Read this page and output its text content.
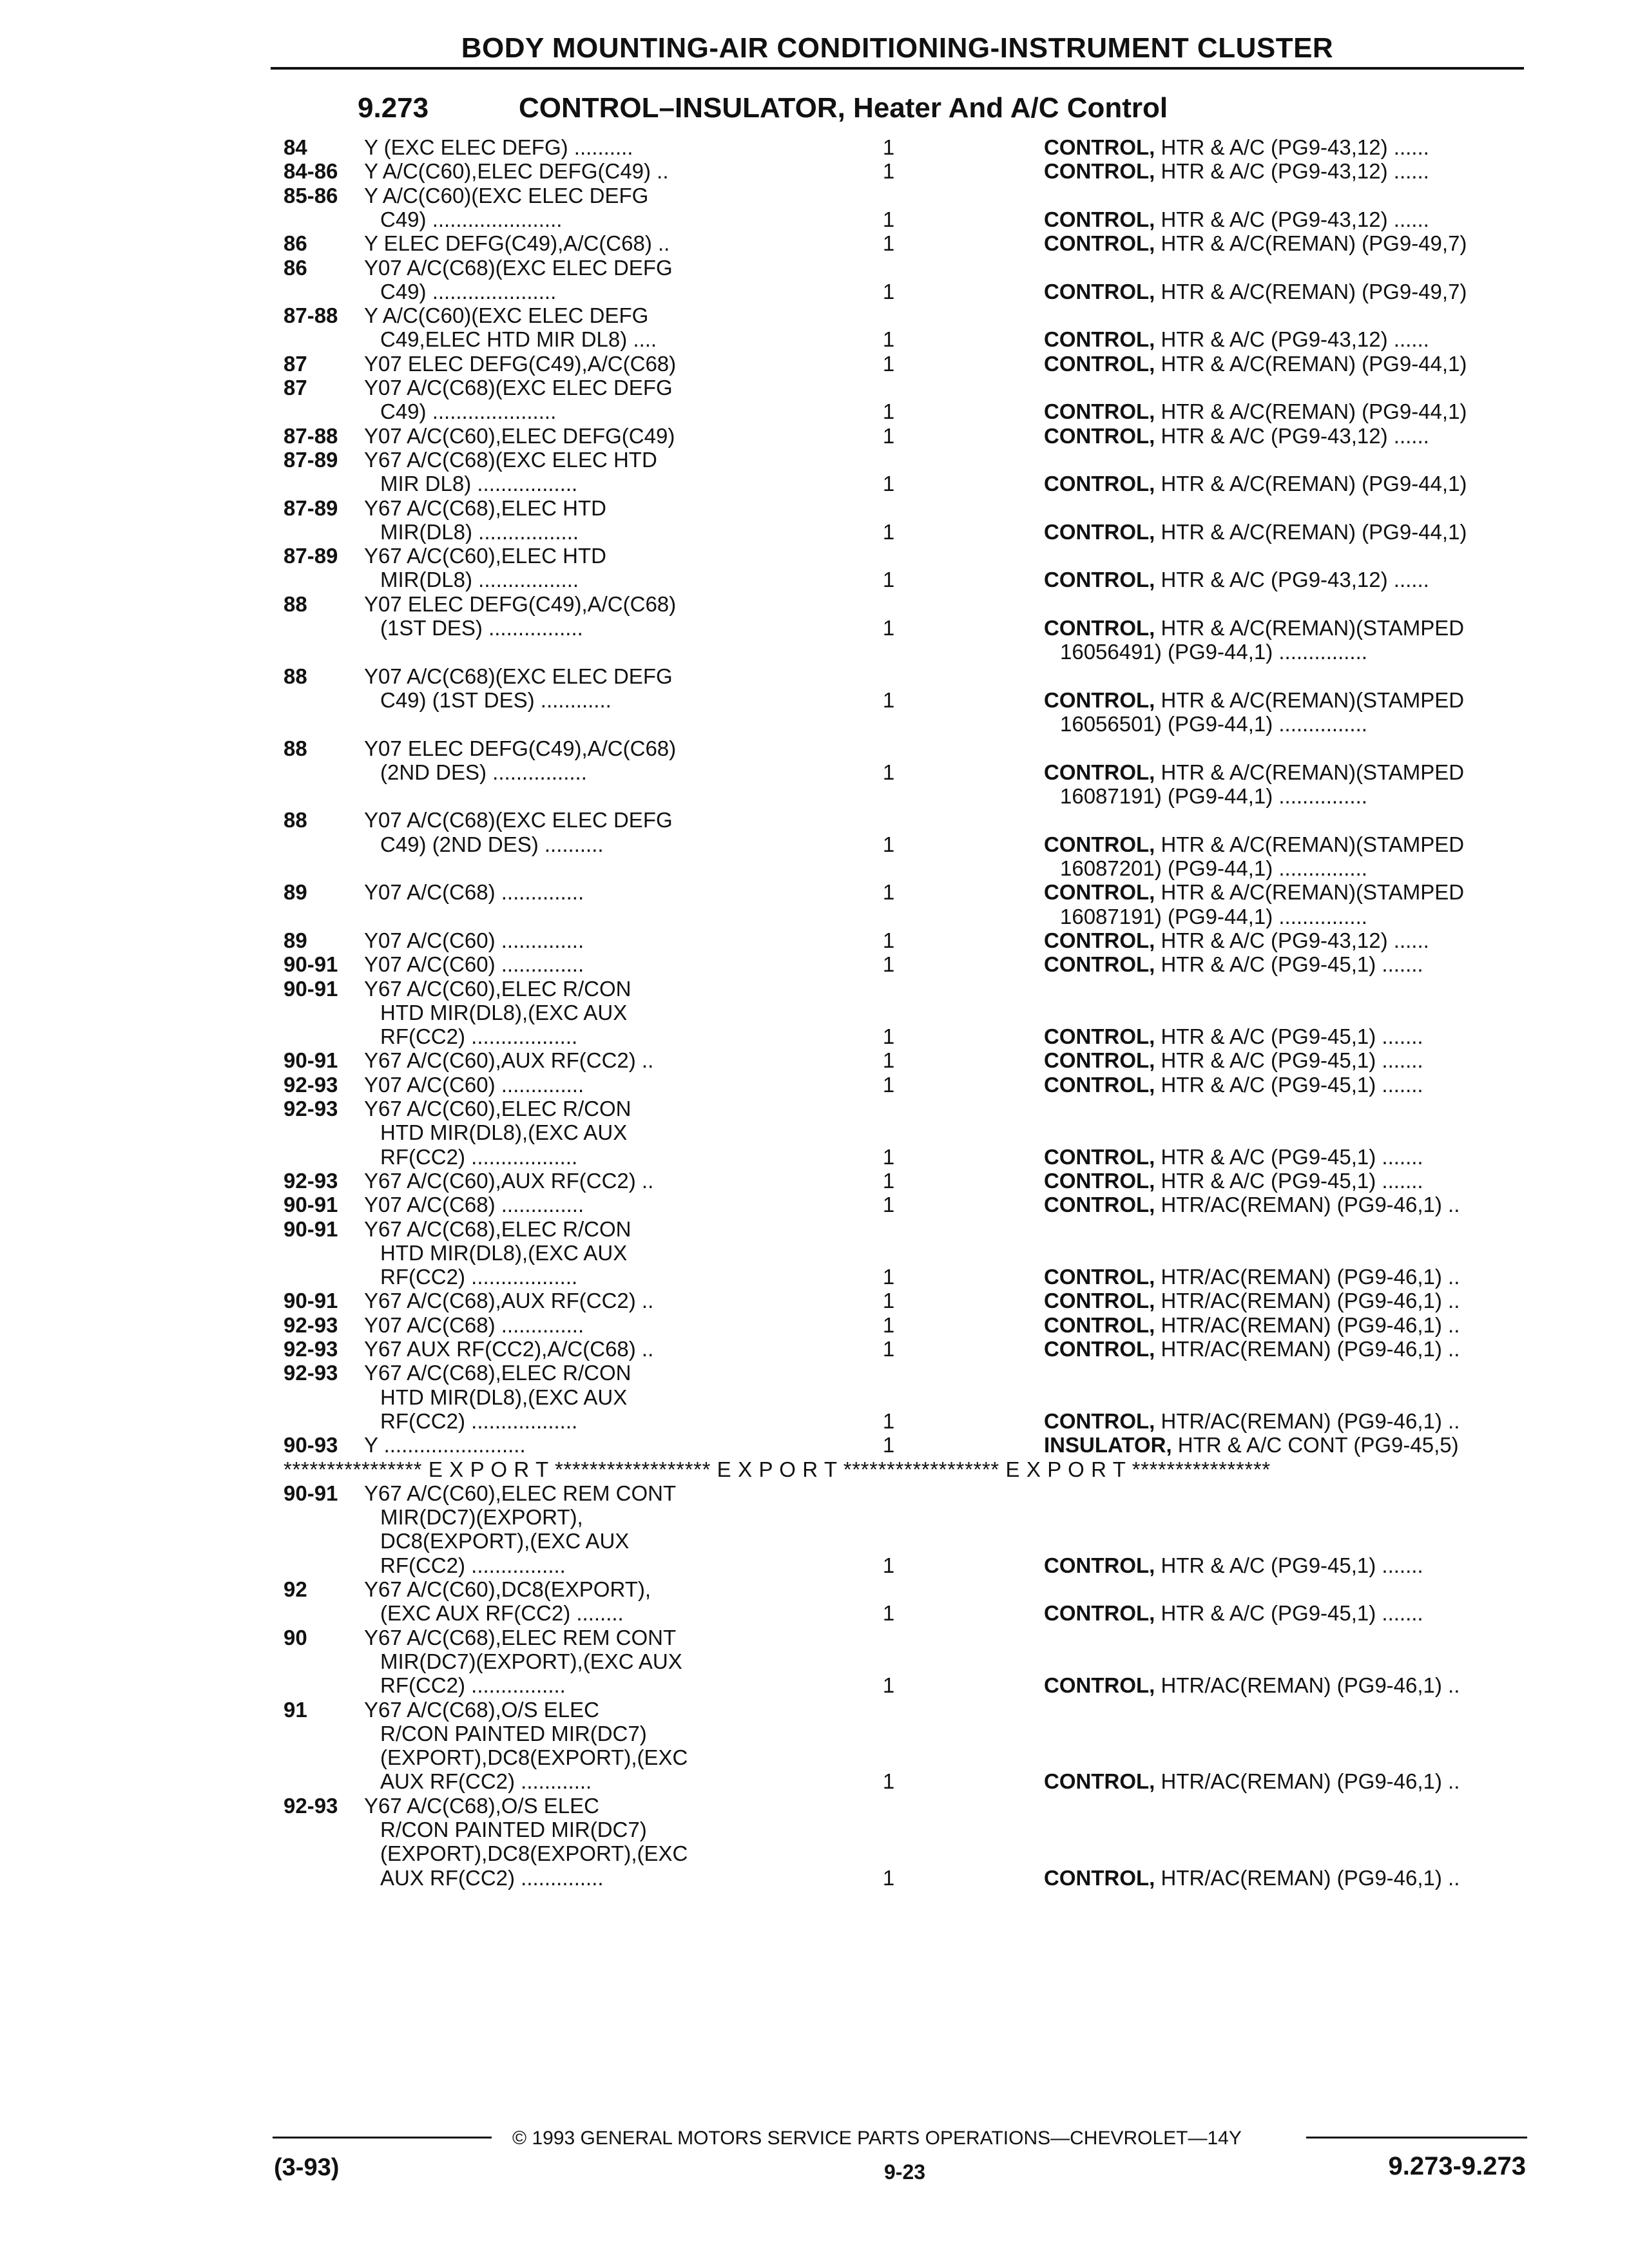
BODY MOUNTING-AIR CONDITIONING-INSTRUMENT CLUSTER
9.273	CONTROL–INSULATOR, Heater And A/C Control
84	Y (EXC ELEC DEFG) ..........	1	CONTROL, HTR & A/C (PG9-43,12) ......
84-86 Y A/C(C60),ELEC DEFG(C49) ..	1	CONTROL, HTR & A/C (PG9-43,12) ......
85-86 Y A/C(C60)(EXC ELEC DEFG
C49) ......................	1	CONTROL, HTR & A/C (PG9-43,12) ......
86	Y ELEC DEFG(C49),A/C(C68) ..	1	CONTROL, HTR & A/C(REMAN) (PG9-49,7)
86	Y07 A/C(C68)(EXC ELEC DEFG
C49) .....................	1	CONTROL, HTR & A/C(REMAN) (PG9-49,7)
87-88 Y A/C(C60)(EXC ELEC DEFG
C49,ELEC HTD MIR DL8) ....	1	CONTROL, HTR & A/C (PG9-43,12) ......
87	Y07 ELEC DEFG(C49),A/C(C68)	1	CONTROL, HTR & A/C(REMAN) (PG9-44,1)
87	Y07 A/C(C68)(EXC ELEC DEFG
C49) .....................	1	CONTROL, HTR & A/C(REMAN) (PG9-44,1)
87-88 Y07 A/C(C60),ELEC DEFG(C49)	1	CONTROL, HTR & A/C (PG9-43,12) ......
87-89 Y67 A/C(C68)(EXC ELEC HTD
MIR DL8) .................	1	CONTROL, HTR & A/C(REMAN) (PG9-44,1)
87-89 Y67 A/C(C68),ELEC HTD
MIR(DL8) .................	1	CONTROL, HTR & A/C(REMAN) (PG9-44,1)
87-89 Y67 A/C(C60),ELEC HTD
MIR(DL8) .................	1	CONTROL, HTR & A/C (PG9-43,12) ......
88	Y07 ELEC DEFG(C49),A/C(C68)
(1ST DES) ................	1	CONTROL, HTR & A/C(REMAN)(STAMPED
16056491) (PG9-44,1) ...............
88	Y07 A/C(C68)(EXC ELEC DEFG
C49) (1ST DES) ............	1	CONTROL, HTR & A/C(REMAN)(STAMPED
16056501) (PG9-44,1) ...............
88	Y07 ELEC DEFG(C49),A/C(C68)
(2ND DES) ................	1	CONTROL, HTR & A/C(REMAN)(STAMPED
16087191) (PG9-44,1) ...............
88	Y07 A/C(C68)(EXC ELEC DEFG
C49) (2ND DES) ..........	1	CONTROL, HTR & A/C(REMAN)(STAMPED
16087201) (PG9-44,1) ...............
89	Y07 A/C(C68) ..............	1	CONTROL, HTR & A/C(REMAN)(STAMPED
16087191) (PG9-44,1) ...............
89	Y07 A/C(C60) ..............	1	CONTROL, HTR & A/C (PG9-43,12) ......
90-91 Y07 A/C(C60) ..............	1	CONTROL, HTR & A/C (PG9-45,1) .......
90-91 Y67 A/C(C60),ELEC R/CON
HTD MIR(DL8),(EXC AUX
RF(CC2) ..................	1	CONTROL, HTR & A/C (PG9-45,1) .......
90-91 Y67 A/C(C60),AUX RF(CC2) ..	1	CONTROL, HTR & A/C (PG9-45,1) .......
92-93 Y07 A/C(C60) ..............	1	CONTROL, HTR & A/C (PG9-45,1) .......
92-93 Y67 A/C(C60),ELEC R/CON
HTD MIR(DL8),(EXC AUX
RF(CC2) ..................	1	CONTROL, HTR & A/C (PG9-45,1) .......
92-93 Y67 A/C(C60),AUX RF(CC2) ..	1	CONTROL, HTR & A/C (PG9-45,1) .......
90-91 Y07 A/C(C68) ..............	1	CONTROL, HTR/AC(REMAN) (PG9-46,1) ..
90-91 Y67 A/C(C68),ELEC R/CON
HTD MIR(DL8),(EXC AUX
RF(CC2) ..................	1	CONTROL, HTR/AC(REMAN) (PG9-46,1) ..
90-91 Y67 A/C(C68),AUX RF(CC2) ..	1	CONTROL, HTR/AC(REMAN) (PG9-46,1) ..
92-93 Y07 A/C(C68) ..............	1	CONTROL, HTR/AC(REMAN) (PG9-46,1) ..
92-93 Y67 AUX RF(CC2),A/C(C68) ..	1	CONTROL, HTR/AC(REMAN) (PG9-46,1) ..
92-93 Y67 A/C(C68),ELEC R/CON
HTD MIR(DL8),(EXC AUX
RF(CC2) ..................	1	CONTROL, HTR/AC(REMAN) (PG9-46,1) ..
90-93 Y ........................	1	INSULATOR, HTR & A/C CONT (PG9-45,5)
**************** E X P O R T ****************** E X P O R T ****************** E X P O R T ****************
90-91 Y67 A/C(C60),ELEC REM CONT
MIR(DC7)(EXPORT),
DC8(EXPORT),(EXC AUX
RF(CC2) ................	1	CONTROL, HTR & A/C (PG9-45,1) .......
92	Y67 A/C(C60),DC8(EXPORT),
(EXC AUX RF(CC2) ........	1	CONTROL, HTR & A/C (PG9-45,1) .......
90	Y67 A/C(C68),ELEC REM CONT
MIR(DC7)(EXPORT),(EXC AUX
RF(CC2) ................	1	CONTROL, HTR/AC(REMAN) (PG9-46,1) ..
91	Y67 A/C(C68),O/S ELEC
R/CON PAINTED MIR(DC7)
(EXPORT),DC8(EXPORT),(EXC
AUX RF(CC2) ............	1	CONTROL, HTR/AC(REMAN) (PG9-46,1) ..
92-93 Y67 A/C(C68),O/S ELEC
R/CON PAINTED MIR(DC7)
(EXPORT),DC8(EXPORT),(EXC
AUX RF(CC2) ..............	1	CONTROL, HTR/AC(REMAN) (PG9-46,1) ..
© 1993 GENERAL MOTORS SERVICE PARTS OPERATIONS—CHEVROLET—14Y
(3-93)	9-23	9.273-9.273
